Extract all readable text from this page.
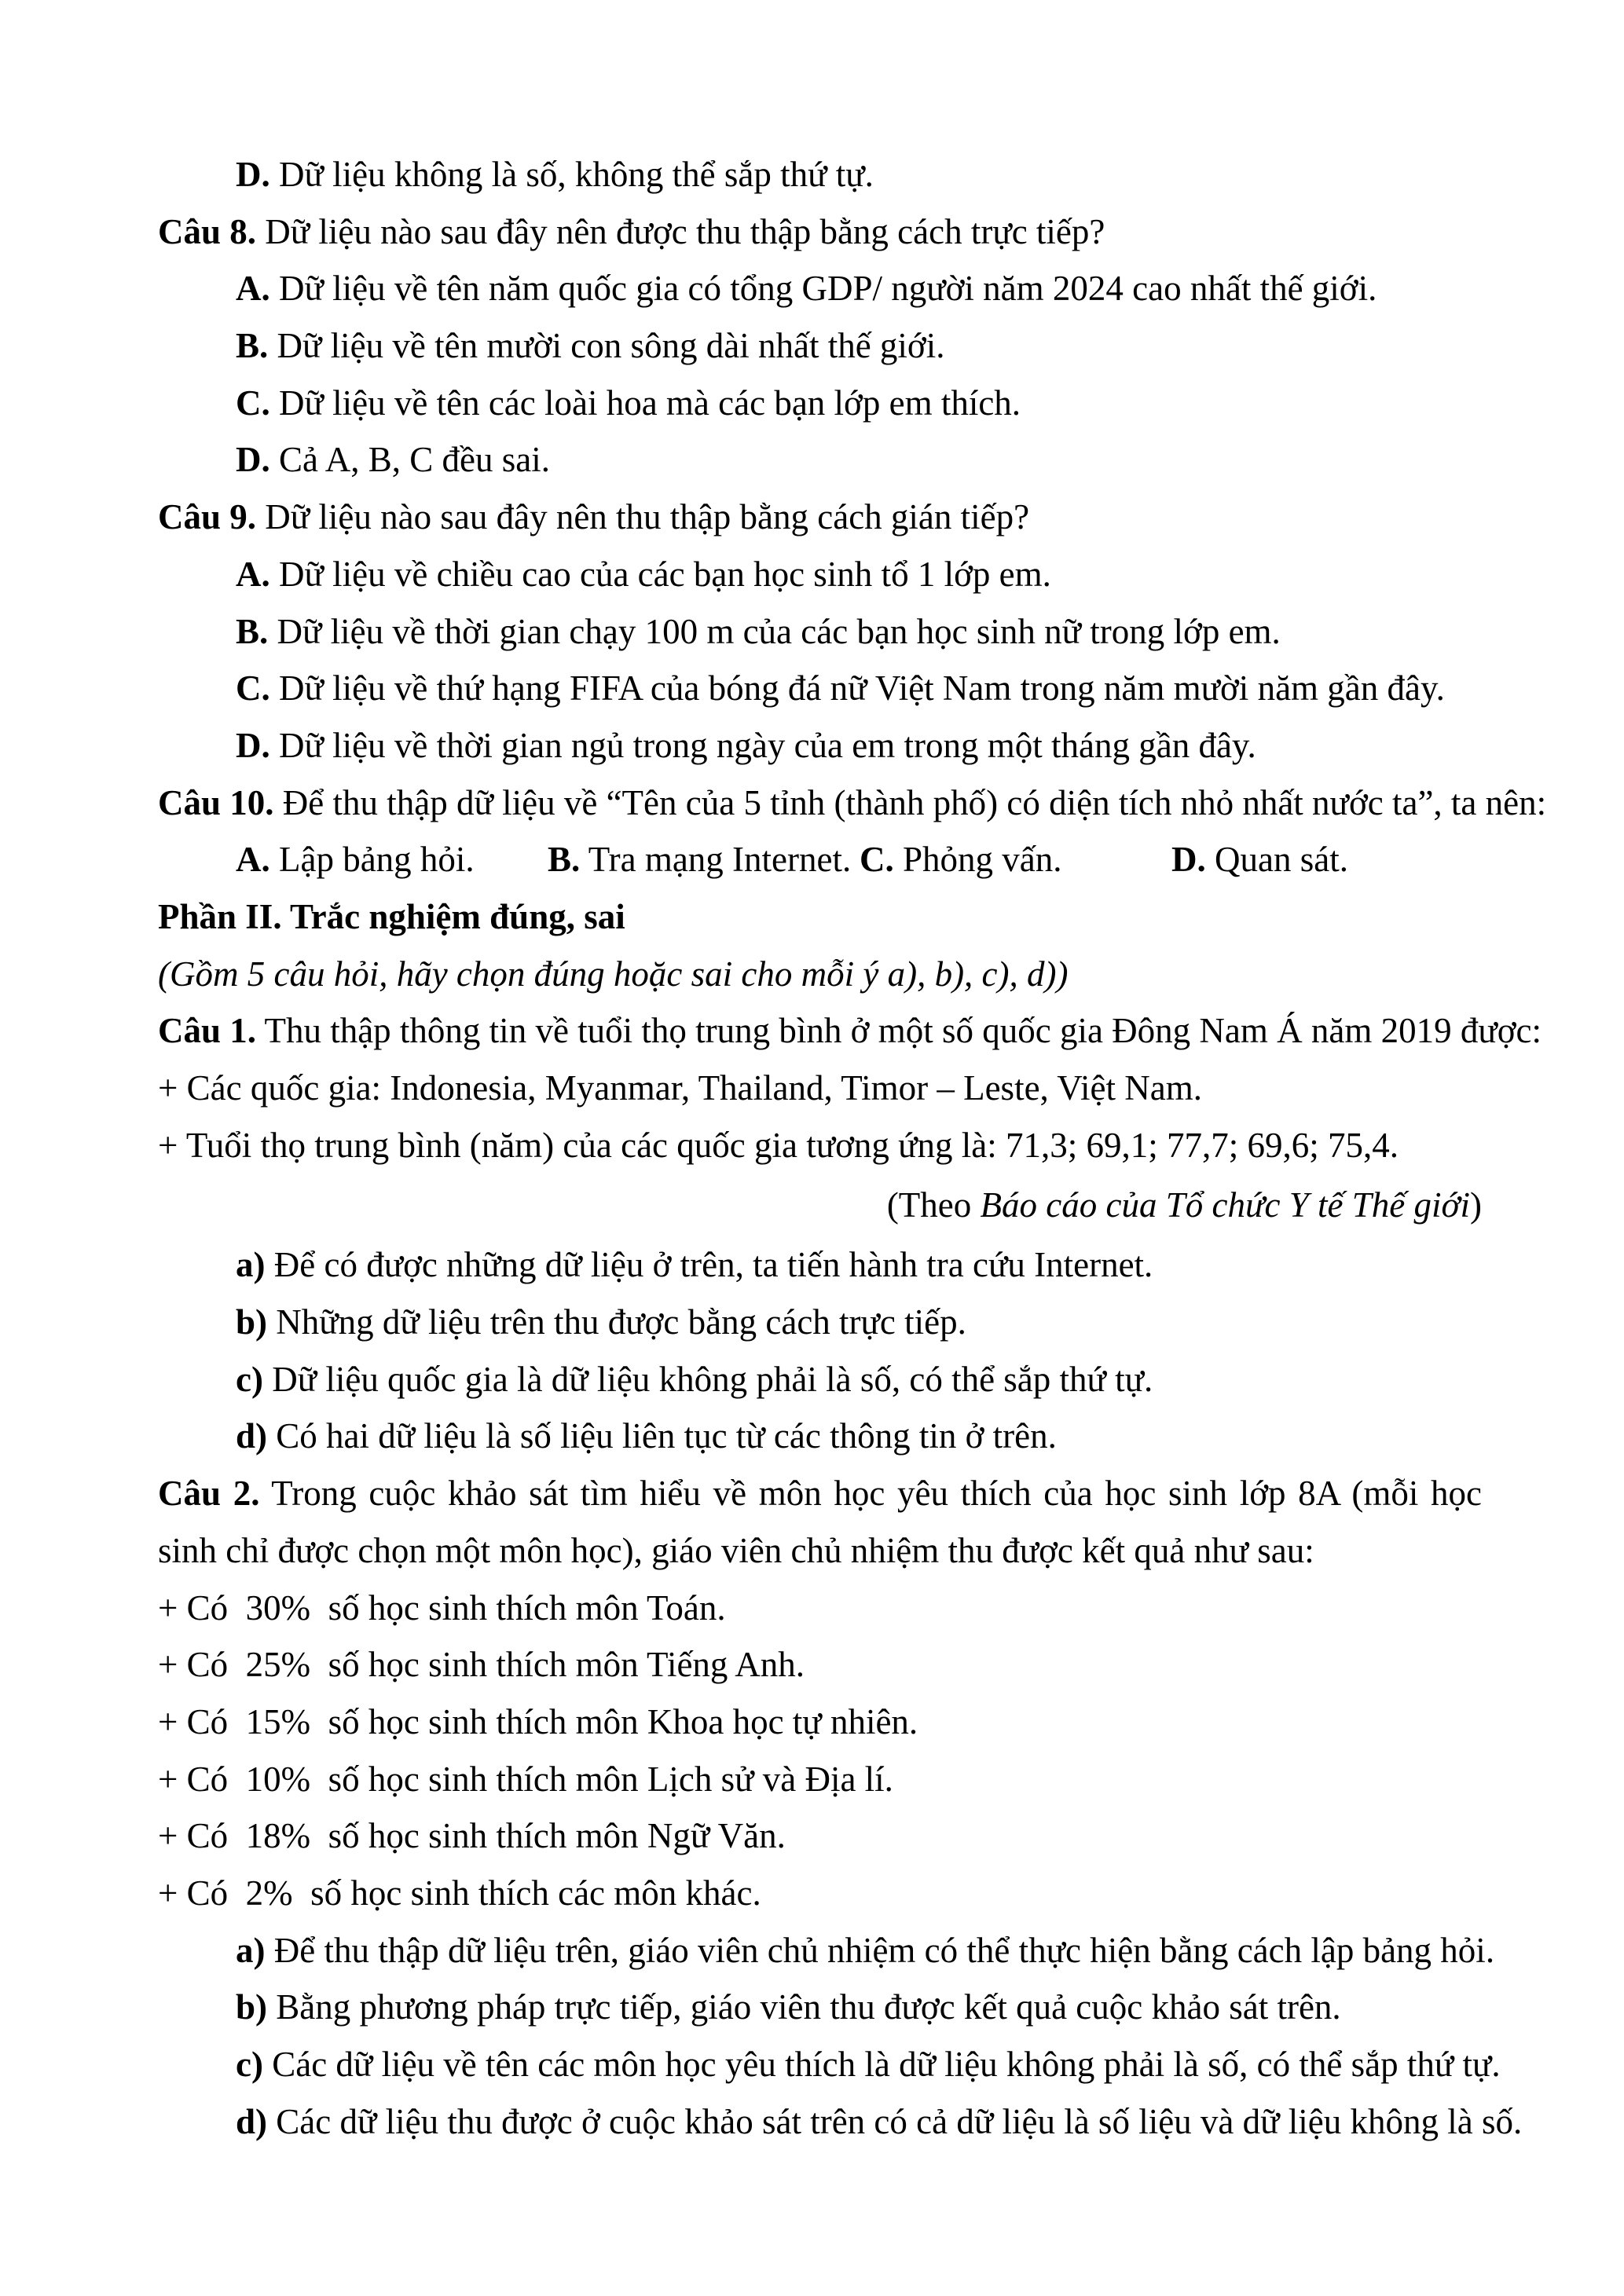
D. Dữ liệu không là số, không thể sắp thứ tự.
Câu 8. Dữ liệu nào sau đây nên được thu thập bằng cách trực tiếp?
A. Dữ liệu về tên năm quốc gia có tổng GDP/ người năm 2024 cao nhất thế giới.
B. Dữ liệu về tên mười con sông dài nhất thế giới.
C. Dữ liệu về tên các loài hoa mà các bạn lớp em thích.
D. Cả A, B, C đều sai.
Câu 9. Dữ liệu nào sau đây nên thu thập bằng cách gián tiếp?
A. Dữ liệu về chiều cao của các bạn học sinh tổ 1 lớp em.
B. Dữ liệu về thời gian chạy 100 m của các bạn học sinh nữ trong lớp em.
C. Dữ liệu về thứ hạng FIFA của bóng đá nữ Việt Nam trong năm mười năm gần đây.
D. Dữ liệu về thời gian ngủ trong ngày của em trong một tháng gần đây.
Câu 10. Để thu thập dữ liệu về “Tên của 5 tỉnh (thành phố) có diện tích nhỏ nhất nước ta”, ta nên:
A. Lập bảng hỏi.	B. Tra mạng Internet. C. Phỏng vấn.	D. Quan sát.
Phần II. Trắc nghiệm đúng, sai
(Gồm 5 câu hỏi, hãy chọn đúng hoặc sai cho mỗi ý a), b), c), d))
Câu 1. Thu thập thông tin về tuổi thọ trung bình ở một số quốc gia Đông Nam Á năm 2019 được:
+ Các quốc gia: Indonesia, Myanmar, Thailand, Timor – Leste, Việt Nam.
+ Tuổi thọ trung bình (năm) của các quốc gia tương ứng là: 71,3; 69,1; 77,7; 69,6; 75,4.
(Theo Báo cáo của Tổ chức Y tế Thế giới)
a) Để có được những dữ liệu ở trên, ta tiến hành tra cứu Internet.
b) Những dữ liệu trên thu được bằng cách trực tiếp.
c) Dữ liệu quốc gia là dữ liệu không phải là số, có thể sắp thứ tự.
d) Có hai dữ liệu là số liệu liên tục từ các thông tin ở trên.
Câu 2. Trong cuộc khảo sát tìm hiểu về môn học yêu thích của học sinh lớp 8A (mỗi học sinh chỉ được chọn một môn học), giáo viên chủ nhiệm thu được kết quả như sau:
+ Có  30%  số học sinh thích môn Toán.
+ Có  25%  số học sinh thích môn Tiếng Anh.
+ Có  15%  số học sinh thích môn Khoa học tự nhiên.
+ Có  10%  số học sinh thích môn Lịch sử và Địa lí.
+ Có  18%  số học sinh thích môn Ngữ Văn.
+ Có  2%  số học sinh thích các môn khác.
a) Để thu thập dữ liệu trên, giáo viên chủ nhiệm có thể thực hiện bằng cách lập bảng hỏi.
b) Bằng phương pháp trực tiếp, giáo viên thu được kết quả cuộc khảo sát trên.
c) Các dữ liệu về tên các môn học yêu thích là dữ liệu không phải là số, có thể sắp thứ tự.
d) Các dữ liệu thu được ở cuộc khảo sát trên có cả dữ liệu là số liệu và dữ liệu không là số.
